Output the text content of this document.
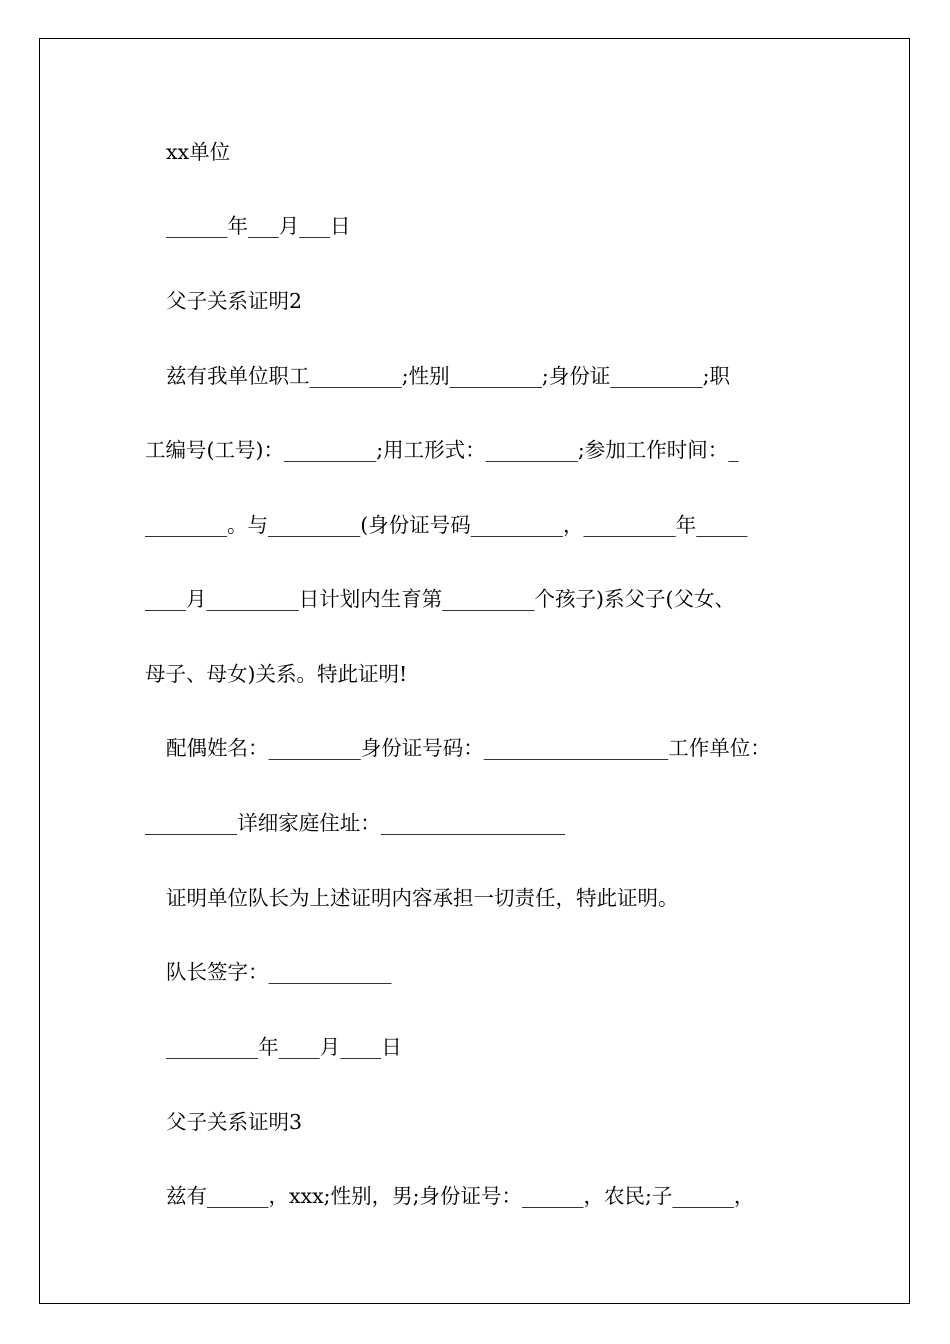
xx单位

______年___月___日

父子关系证明2

兹有我单位职工_________;性别_________;身份证_________;职

工编号(工号)：_________;用工形式：_________;参加工作时间：_

________。与_________(身份证号码_________，_________年_____

____月_________日计划内生育第_________个孩子)系父子(父女、

母子、母女)关系。特此证明!

配偶姓名：_________身份证号码：__________________工作单位：

_________详细家庭住址：__________________

证明单位队长为上述证明内容承担一切责任，特此证明。

队长签字：____________

_________年____月____日

父子关系证明3

兹有______，xxx;性别，男;身份证号：______，农民;子______，
